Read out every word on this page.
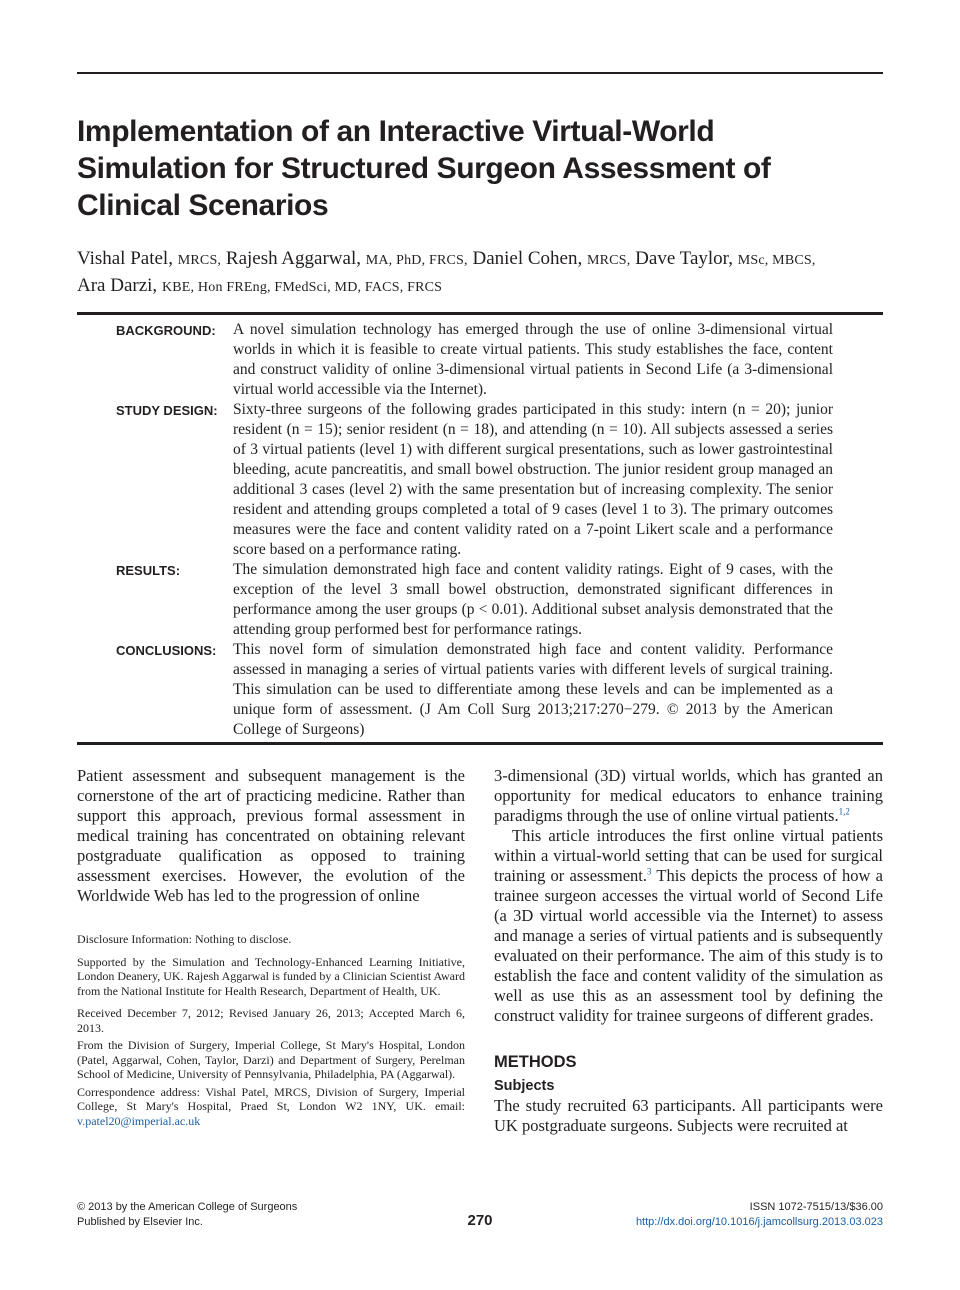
Implementation of an Interactive Virtual-World Simulation for Structured Surgeon Assessment of Clinical Scenarios
Vishal Patel, MRCS, Rajesh Aggarwal, MA, PhD, FRCS, Daniel Cohen, MRCS, Dave Taylor, MSc, MBCS,
Ara Darzi, KBE, Hon FREng, FMedSci, MD, FACS, FRCS
BACKGROUND:	A novel simulation technology has emerged through the use of online 3-dimensional virtual worlds in which it is feasible to create virtual patients. This study establishes the face, content and construct validity of online 3-dimensional virtual patients in Second Life (a 3-dimensional virtual world accessible via the Internet).
STUDY DESIGN: Sixty-three surgeons of the following grades participated in this study: intern (n = 20); junior resident (n = 15); senior resident (n = 18), and attending (n = 10). All subjects assessed a series of 3 virtual patients (level 1) with different surgical presentations, such as lower gastrointestinal bleeding, acute pancreatitis, and small bowel obstruction. The junior resident group managed an additional 3 cases (level 2) with the same presentation but of increasing complexity. The senior resident and attending groups completed a total of 9 cases (level 1 to 3). The primary outcomes measures were the face and content validity rated on a 7-point Likert scale and a performance score based on a performance rating.
RESULTS:	The simulation demonstrated high face and content validity ratings. Eight of 9 cases, with the exception of the level 3 small bowel obstruction, demonstrated significant differences in performance among the user groups (p < 0.01). Additional subset analysis demonstrated that the attending group performed best for performance ratings.
CONCLUSIONS:	This novel form of simulation demonstrated high face and content validity. Performance assessed in managing a series of virtual patients varies with different levels of surgical training. This simulation can be used to differentiate among these levels and can be implemented as a unique form of assessment. (J Am Coll Surg 2013;217:270−279. © 2013 by the American College of Surgeons)

Patient assessment and subsequent management is the cornerstone of the art of practicing medicine. Rather than support this approach, previous formal assessment in medical training has concentrated on obtaining relevant postgraduate qualification as opposed to training assessment exercises. However, the evolution of the Worldwide Web has led to the progression of online

Disclosure Information: Nothing to disclose.

Supported by the Simulation and Technology-Enhanced Learning Initiative, London Deanery, UK. Rajesh Aggarwal is funded by a Clinician Scientist Award from the National Institute for Health Research, Department of Health, UK.

Received December 7, 2012; Revised January 26, 2013; Accepted March 6, 2013.

From the Division of Surgery, Imperial College, St Mary's Hospital, London (Patel, Aggarwal, Cohen, Taylor, Darzi) and Department of Surgery, Perelman School of Medicine, University of Pennsylvania, Philadelphia, PA (Aggarwal).

Correspondence address: Vishal Patel, MRCS, Division of Surgery, Imperial College, St Mary's Hospital, Praed St, London W2 1NY, UK. email: v.patel20@imperial.ac.uk

3-dimensional (3D) virtual worlds, which has granted an opportunity for medical educators to enhance training paradigms through the use of online virtual patients.$^{1,2}$

This article introduces the first online virtual patients within a virtual-world setting that can be used for surgical training or assessment.$^3$ This depicts the process of how a trainee surgeon accesses the virtual world of Second Life (a 3D virtual world accessible via the Internet) to assess and manage a series of virtual patients and is subsequently evaluated on their performance. The aim of this study is to establish the face and content validity of the simulation as well as use this as an assessment tool by defining the construct validity for trainee surgeons of different grades.

METHODS
Subjects

The study recruited 63 participants. All participants were UK postgraduate surgeons. Subjects were recruited at

© 2013 by the American College of Surgeons
Published by Elsevier Inc.	270
ISSN 1072-7515/13/$36.00
http://dx.doi.org/10.1016/j.jamcollsurg.2013.03.023
